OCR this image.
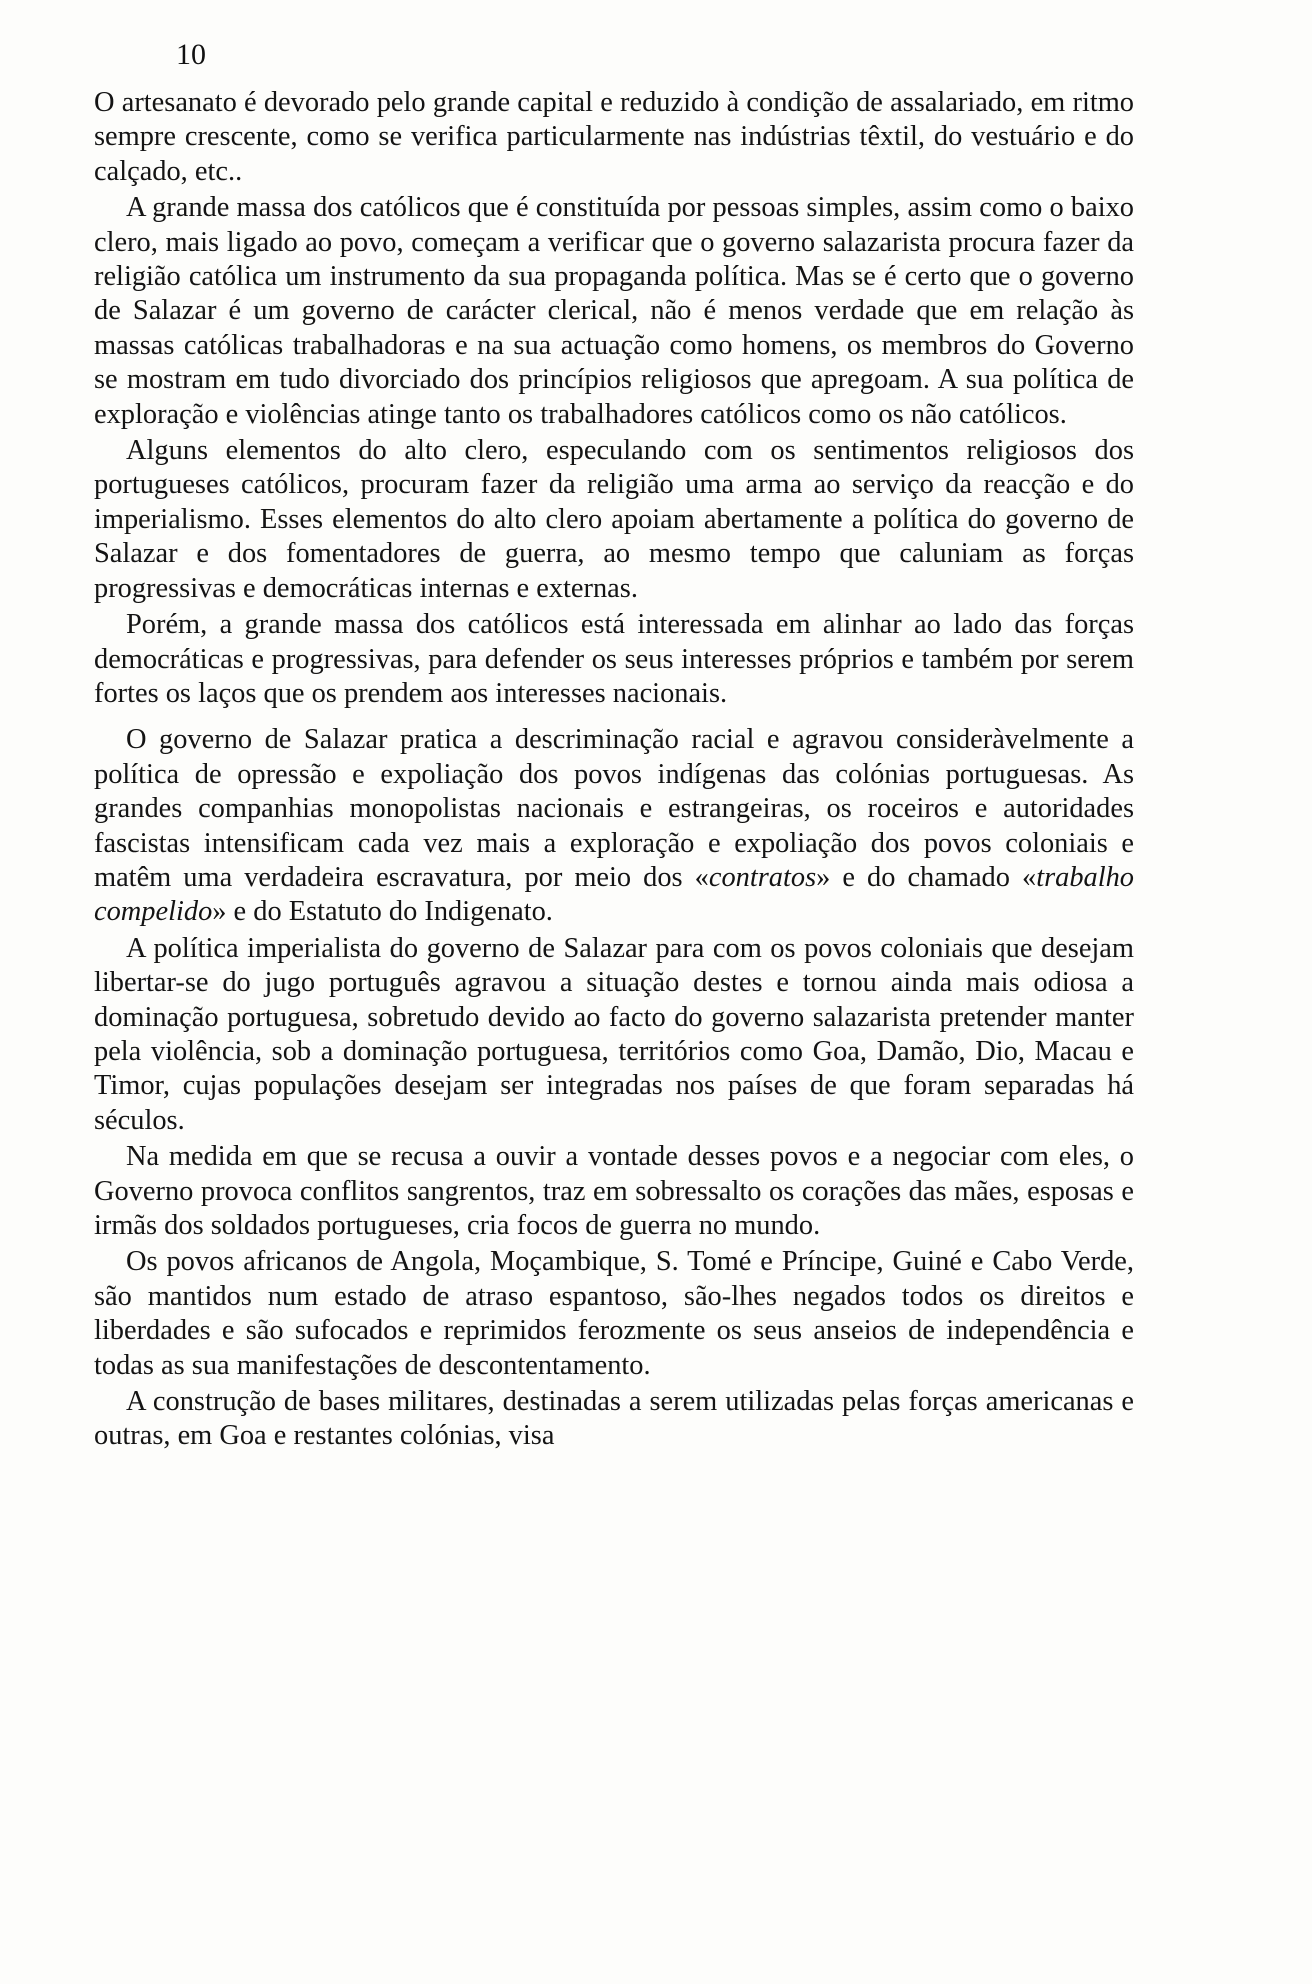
10

O artesanato é devorado pelo grande capital e reduzido à condição de assalariado, em ritmo sempre crescente, como se verifica particularmente nas indústrias têxtil, do vestuário e do calçado, etc..

A grande massa dos católicos que é constituída por pessoas simples, assim como o baixo clero, mais ligado ao povo, começam a verificar que o governo salazarista procura fazer da religião católica um instrumento da sua propaganda política. Mas se é certo que o governo de Salazar é um governo de carácter clerical, não é menos verdade que em relação às massas católicas trabalhadoras e na sua actuação como homens, os membros do Governo se mostram em tudo divorciado dos princípios religiosos que apregoam. A sua política de exploração e violências atinge tanto os trabalhadores católicos como os não católicos.

Alguns elementos do alto clero, especulando com os sentimentos religiosos dos portugueses católicos, procuram fazer da religião uma arma ao serviço da reacção e do imperialismo. Esses elementos do alto clero apoiam abertamente a política do governo de Salazar e dos fomentadores de guerra, ao mesmo tempo que caluniam as forças progressivas e democráticas internas e externas.

Porém, a grande massa dos católicos está interessada em alinhar ao lado das forças democráticas e progressivas, para defender os seus interesses próprios e também por serem fortes os laços que os prendem aos interesses nacionais.

O governo de Salazar pratica a descriminação racial e agravou consideràvelmente a política de opressão e expoliação dos povos indígenas das colónias portuguesas. As grandes companhias monopolistas nacionais e estrangeiras, os roceiros e autoridades fascistas intensificam cada vez mais a exploração e expoliação dos povos coloniais e matêm uma verdadeira escravatura, por meio dos «contratos» e do chamado «trabalho compelido» e do Estatuto do Indigenato.

A política imperialista do governo de Salazar para com os povos coloniais que desejam libertar-se do jugo português agravou a situação destes e tornou ainda mais odiosa a dominação portuguesa, sobretudo devido ao facto do governo salazarista pretender manter pela violência, sob a dominação portuguesa, territórios como Goa, Damão, Dio, Macau e Timor, cujas populações desejam ser integradas nos países de que foram separadas há séculos.

Na medida em que se recusa a ouvir a vontade desses povos e a negociar com eles, o Governo provoca conflitos sangrentos, traz em sobressalto os corações das mães, esposas e irmãs dos soldados portugueses, cria focos de guerra no mundo.

Os povos africanos de Angola, Moçambique, S. Tomé e Príncipe, Guiné e Cabo Verde, são mantidos num estado de atraso espantoso, são-lhes negados todos os direitos e liberdades e são sufocados e reprimidos ferozmente os seus anseios de independência e todas as sua manifestações de descontentamento.

A construção de bases militares, destinadas a serem utilizadas pelas forças americanas e outras, em Goa e restantes colónias, visa
